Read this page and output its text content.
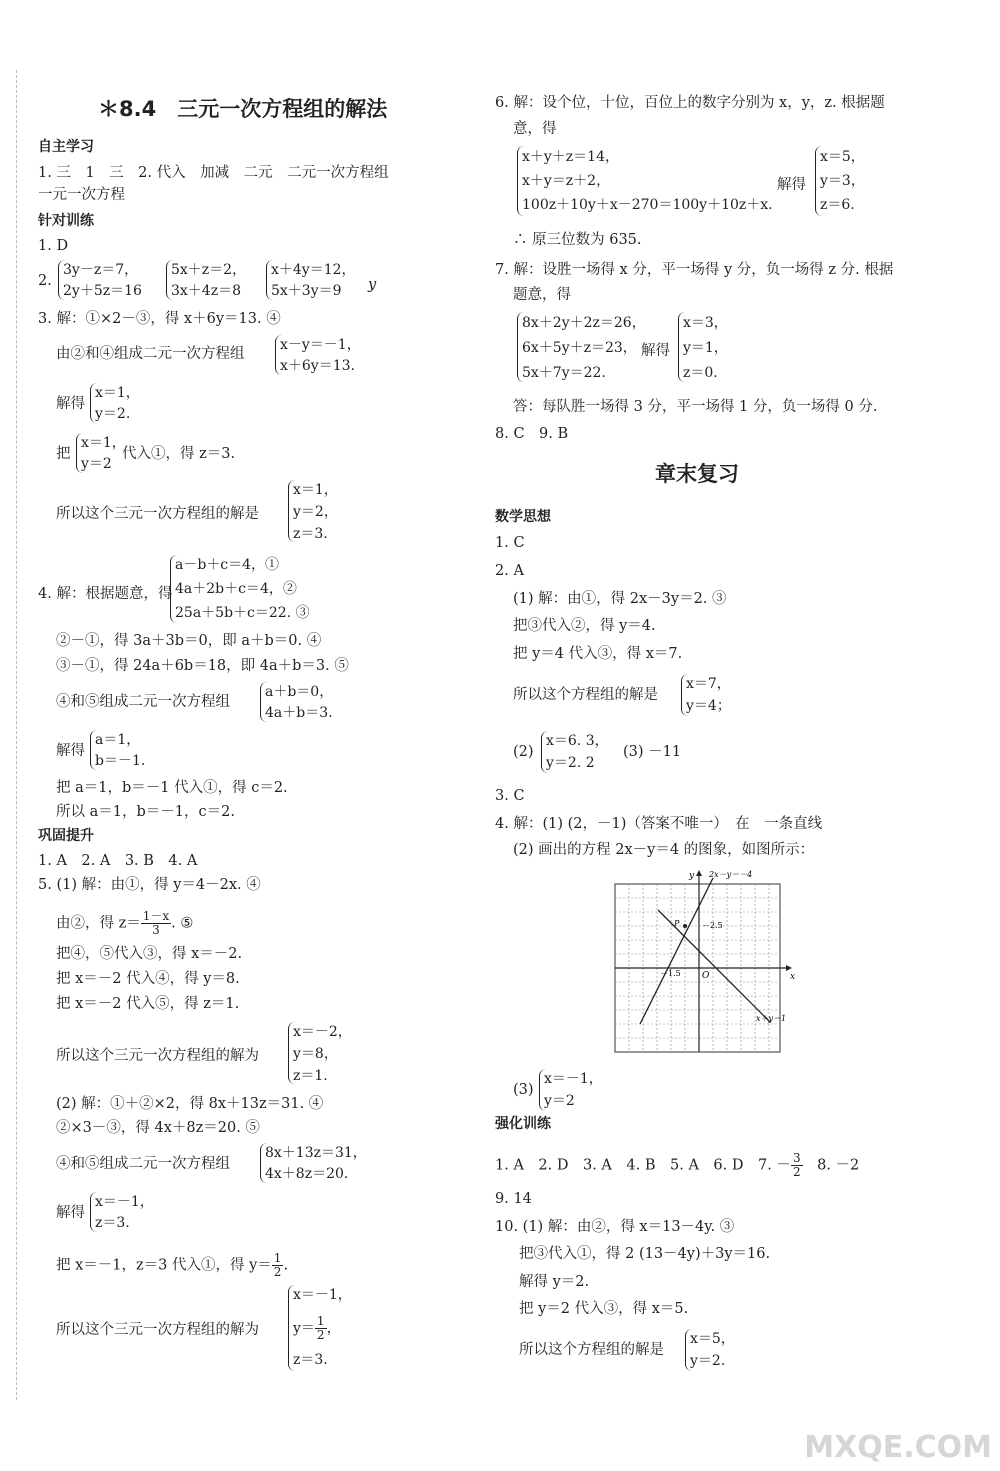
＊8.4　三元一次方程组的解法
自主学习
1. 三　1　三　2. 代入　加减　二元　二元一次方程组
一元一次方程
针对训练
1. D
2.
3y－z＝7，
2y＋5z＝16
5x＋z＝2，
3x＋4z＝8
x＋4y＝12，
5x＋3y＝9 y
3. 解：①×2－③，得 x＋6y＝13. ④
由②和④组成二元一次方程组
x－y＝－1，
x＋6y＝13.
解得
x＝1，
y＝2.
把
x＝1，
y＝2
代入①，得 z＝3.
所以这个三元一次方程组的解是
x＝1，
y＝2，
z＝3.
4. 解：根据题意，得
a－b＋c＝4，①
4a＋2b＋c＝4，②
25a＋5b＋c＝22. ③
②－①，得 3a＋3b＝0，即 a＋b＝0. ④
③－①，得 24a＋6b＝18，即 4a＋b＝3. ⑤
④和⑤组成二元一次方程组
a＋b＝0，
4a＋b＝3.
解得
a＝1，
b＝－1.
把 a＝1，b＝－1 代入①，得 c＝2.
所以 a＝1，b＝－1，c＝2.
巩固提升
1. A　2. A　3. B　4. A
5. (1) 解：由①，得 y＝4－2x. ④
由②，得 $z= \frac{1-x}{3}$ . ⑤
把④，⑤代入③，得 x＝－2.
把 x＝－2 代入④，得 y＝8.
把 x＝－2 代入⑤，得 z＝1.
所以这个三元一次方程组的解为
x＝－2，
y＝8，
z＝1.
(2) 解：①＋②×2，得 8x＋13z＝31. ④
②×3－③，得 4x＋8z＝20. ⑤
④和⑤组成二元一次方程组
8x＋13z＝31，
4x＋8z＝20.
解得
x＝－1，
z＝3.
把 x＝－1，z＝3 代入①，得 $y= \frac{1}{2}$ .
所以这个三元一次方程组的解为
x＝－1，
$y= \frac{1}{2}$ ，
z＝3.
6. 解：设个位，十位，百位上的数字分别为 x，y，z. 根据题
意，得
x＋y＋z＝14，
x＋y＝z＋2，
100z＋10y＋x－270＝100y＋10z＋x.
解得
x＝5，
y＝3，
z＝6.
∴ 原三位数为 635.
7. 解：设胜一场得 x 分，平一场得 y 分，负一场得 z 分. 根据
题意，得
8x＋2y＋2z＝26，
6x＋5y＋z＝23，
5x＋7y＝22.
解得
x＝3，
y＝1，
z＝0.
答：每队胜一场得 3 分，平一场得 1 分，负一场得 0 分.
8. C　9. B
章末复习
数学思想
1. C
2. A
(1) 解：由①，得 2x－3y＝2. ③
把③代入②，得 y＝4.
把 y＝4 代入③，得 x＝7.
所以这个方程组的解是
x＝7，
y＝4；
(2)
x＝6. 3，
y＝2. 2
(3) －11
3. C
4. 解：(1) (2，－1)（答案不唯一）　在　一条直线
(2) 画出的方程 2x－y＝4 的图象，如图所示：
2x－y＝－4
－2.5
－1.5 O
x＋y＝1
x
y
P
(3)
x＝－1，
y＝2
强化训练
1. A　2. D　3. A　4. B　5. A　6. D　7. － $\frac{3}{2}$
　 8. －2
9. 14
10. (1) 解：由②，得 x＝13－4y. ③
把③代入①，得 2 (13－4y)＋3y＝16.
解得 y＝2.
把 y＝2 代入③，得 x＝5.
所以这个方程组的解是
x＝5，
y＝2.
MXQE.COM
